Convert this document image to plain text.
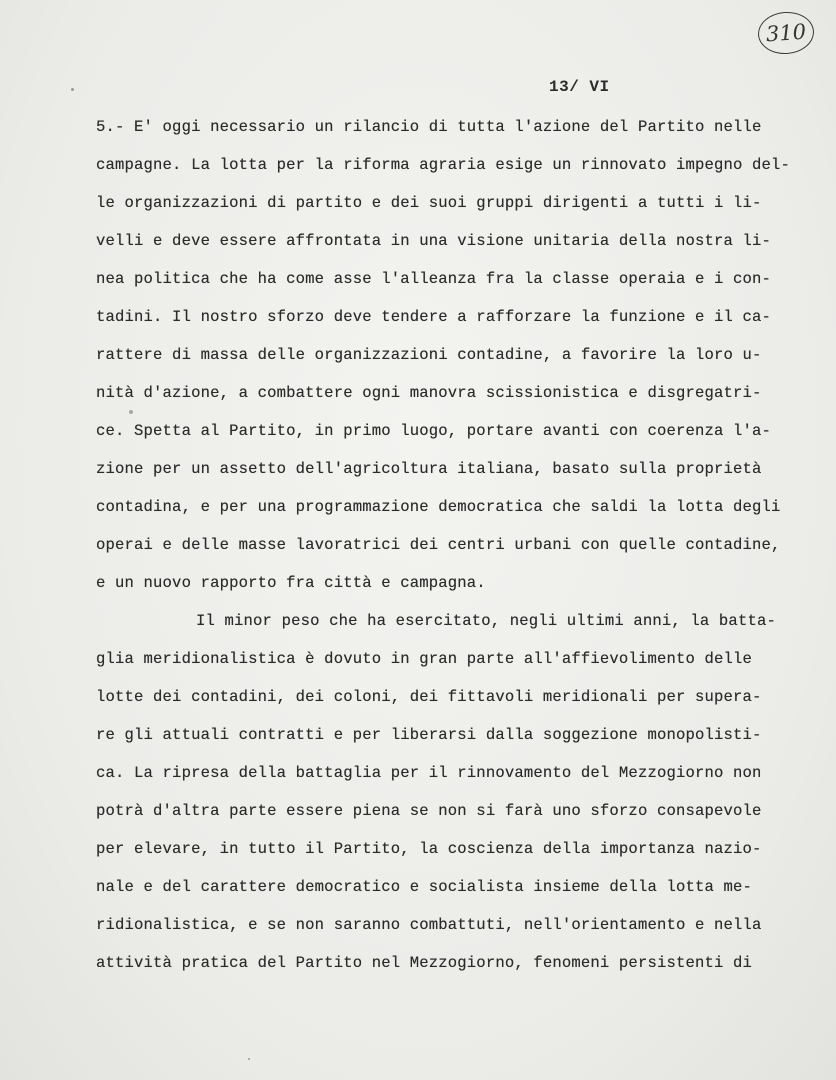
310
13/ VI
5.- E' oggi necessario un rilancio di tutta l'azione del Partito nelle
campagne. La lotta per la riforma agraria esige un rinnovato impegno del-
le organizzazioni di partito e dei suoi gruppi dirigenti a tutti i li-
velli e deve essere affrontata in una visione unitaria della nostra li-
nea politica che ha come asse l'alleanza fra la classe operaia e i con-
tadini. Il nostro sforzo deve tendere a rafforzare la funzione e il ca-
rattere di massa delle organizzazioni contadine, a favorire la loro u-
nità d'azione, a combattere ogni manovra scissionistica e disgregatri-
ce. Spetta al Partito, in primo luogo, portare avanti con coerenza l'a-
zione per un assetto dell'agricoltura italiana, basato sulla proprietà
contadina, e per una programmazione democratica che saldi la lotta degli
operai e delle masse lavoratrici dei centri urbani con quelle contadine,
e un nuovo rapporto fra città e campagna.
Il minor peso che ha esercitato, negli ultimi anni, la batta-
glia meridionalistica è dovuto in gran parte all'affievolimento delle
lotte dei contadini, dei coloni, dei fittavoli meridionali per supera-
re gli attuali contratti e per liberarsi dalla soggezione monopolisti-
ca. La ripresa della battaglia per il rinnovamento del Mezzogiorno non
potrà d'altra parte essere piena se non si farà uno sforzo consapevole
per elevare, in tutto il Partito, la coscienza della importanza nazio-
nale e del carattere democratico e socialista insieme della lotta me-
ridionalistica, e se non saranno combattuti, nell'orientamento e nella
attività pratica del Partito nel Mezzogiorno, fenomeni persistenti di
